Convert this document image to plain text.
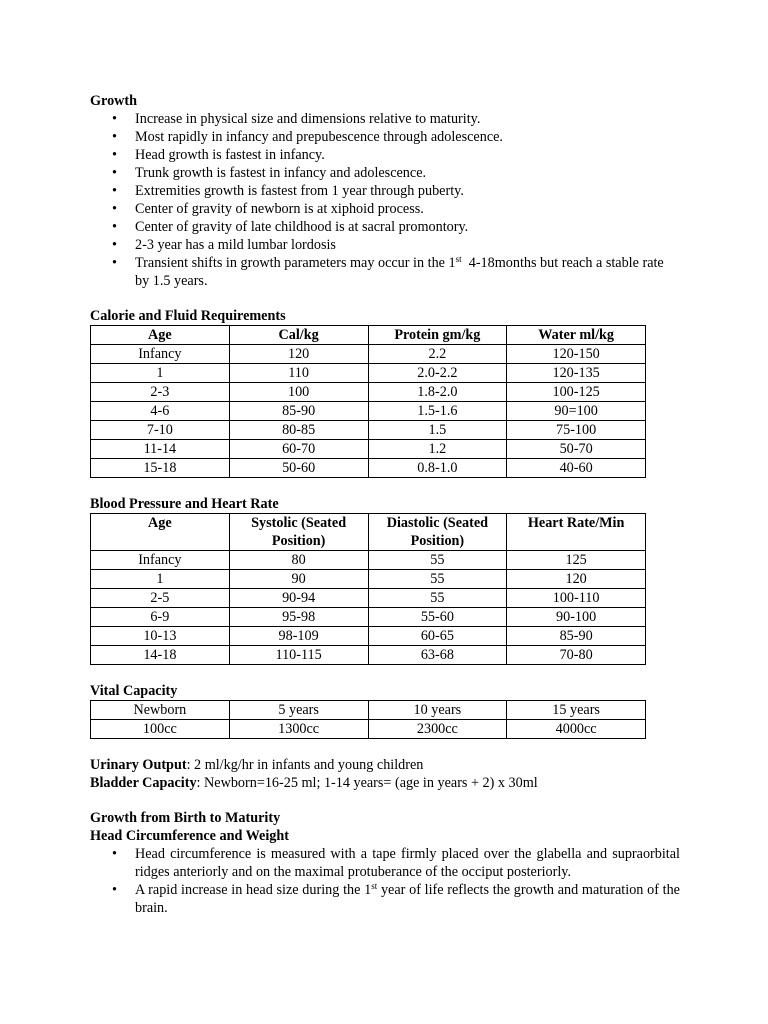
Growth
• Increase in physical size and dimensions relative to maturity.
• Most rapidly in infancy and prepubescence through adolescence.
• Head growth is fastest in infancy.
• Trunk growth is fastest in infancy and adolescence.
• Extremities growth is fastest from 1 year through puberty.
• Center of gravity of newborn is at xiphoid process.
• Center of gravity of late childhood is at sacral promontory.
• 2-3 year has a mild lumbar lordosis
• Transient shifts in growth parameters may occur in the 1st  4-18months but reach a stable rate by 1.5 years.
Calorie and Fluid Requirements
Age	Cal/kg	Protein gm/kg	Water ml/kg
Infancy	120	2.2	120-150
1	110	2.0-2.2	120-135
2-3	100	1.8-2.0	100-125
4-6	85-90	1.5-1.6	90=100
7-10	80-85	1.5	75-100
11-14	60-70	1.2	50-70
15-18	50-60	0.8-1.0	40-60
Blood Pressure and Heart Rate
Age	Systolic (Seated Position)	Diastolic (Seated Position)	Heart Rate/Min
Infancy	80	55	125
1	90	55	120
2-5	90-94	55	100-110
6-9	95-98	55-60	90-100
10-13	98-109	60-65	85-90
14-18	110-115	63-68	70-80
Vital Capacity
Newborn	5 years	10 years	15 years
100cc	1300cc	2300cc	4000cc
Urinary Output: 2 ml/kg/hr in infants and young children
Bladder Capacity: Newborn=16-25 ml; 1-14 years= (age in years + 2) x 30ml
Growth from Birth to Maturity
Head Circumference and Weight
• Head circumference is measured with a tape firmly placed over the glabella and supraorbital ridges anteriorly and on the maximal protuberance of the occiput posteriorly.
• A rapid increase in head size during the 1st year of life reflects the growth and maturation of the brain.
